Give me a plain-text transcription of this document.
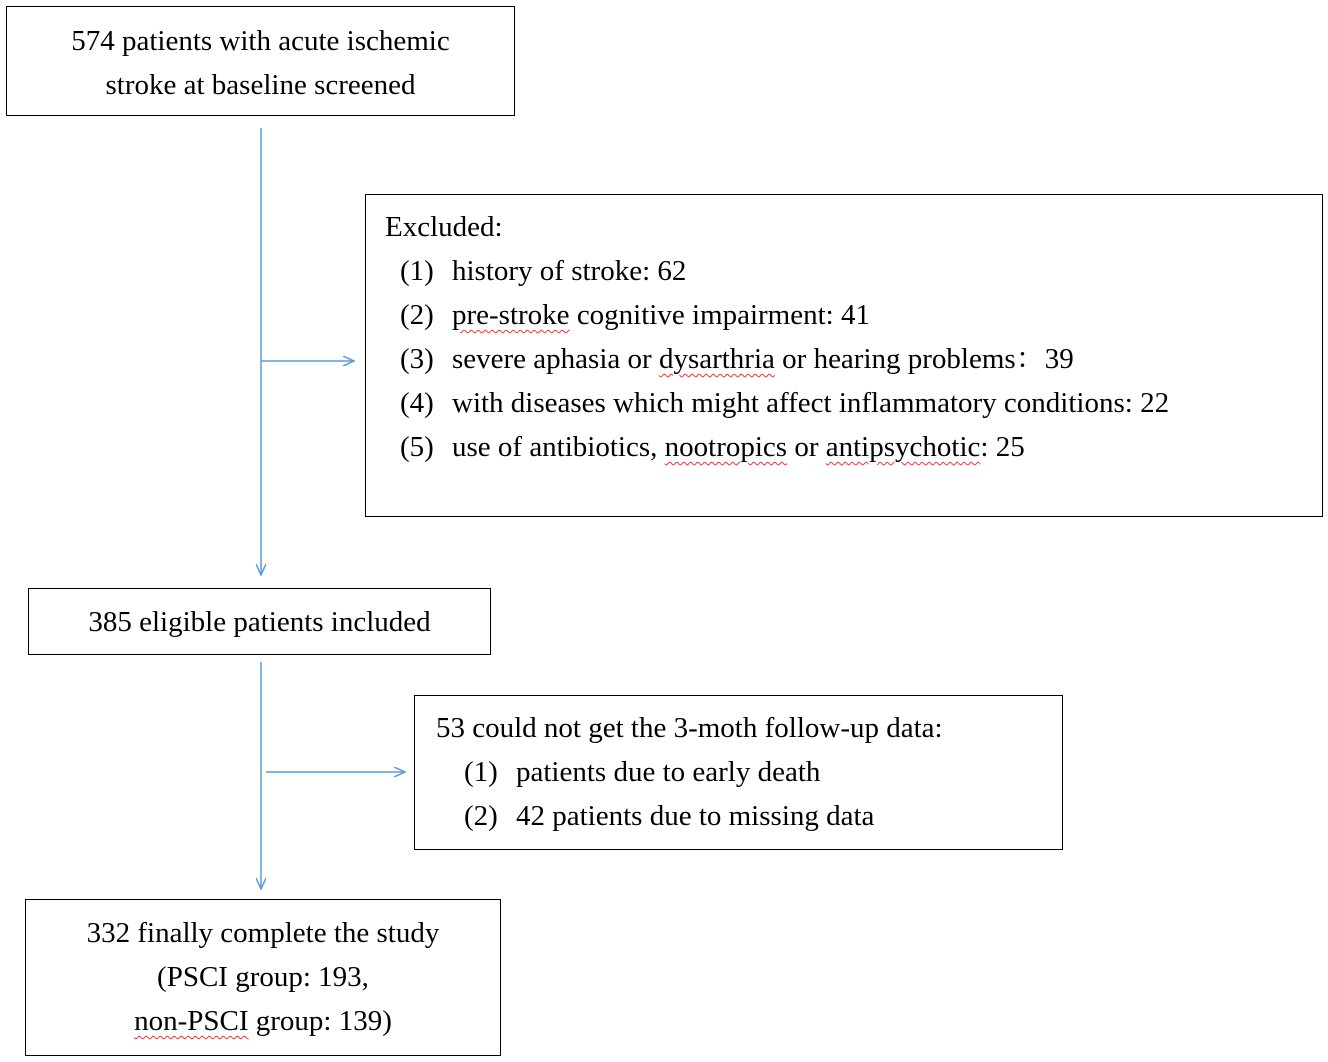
574 patients with acute ischemic
stroke at baseline screened
Excluded:
(1) history of stroke: 62
(2) pre-stroke cognitive impairment: 41
(3) severe aphasia or dysarthria or hearing problems：39
(4) with diseases which might affect inflammatory conditions: 22
(5) use of antibiotics, nootropics or antipsychotic: 25
385 eligible patients included
53 could not get the 3-moth follow-up data:
(1) patients due to early death
(2) 42 patients due to missing data
332 finally complete the study
(PSCI group: 193,
non-PSCI group: 139)
